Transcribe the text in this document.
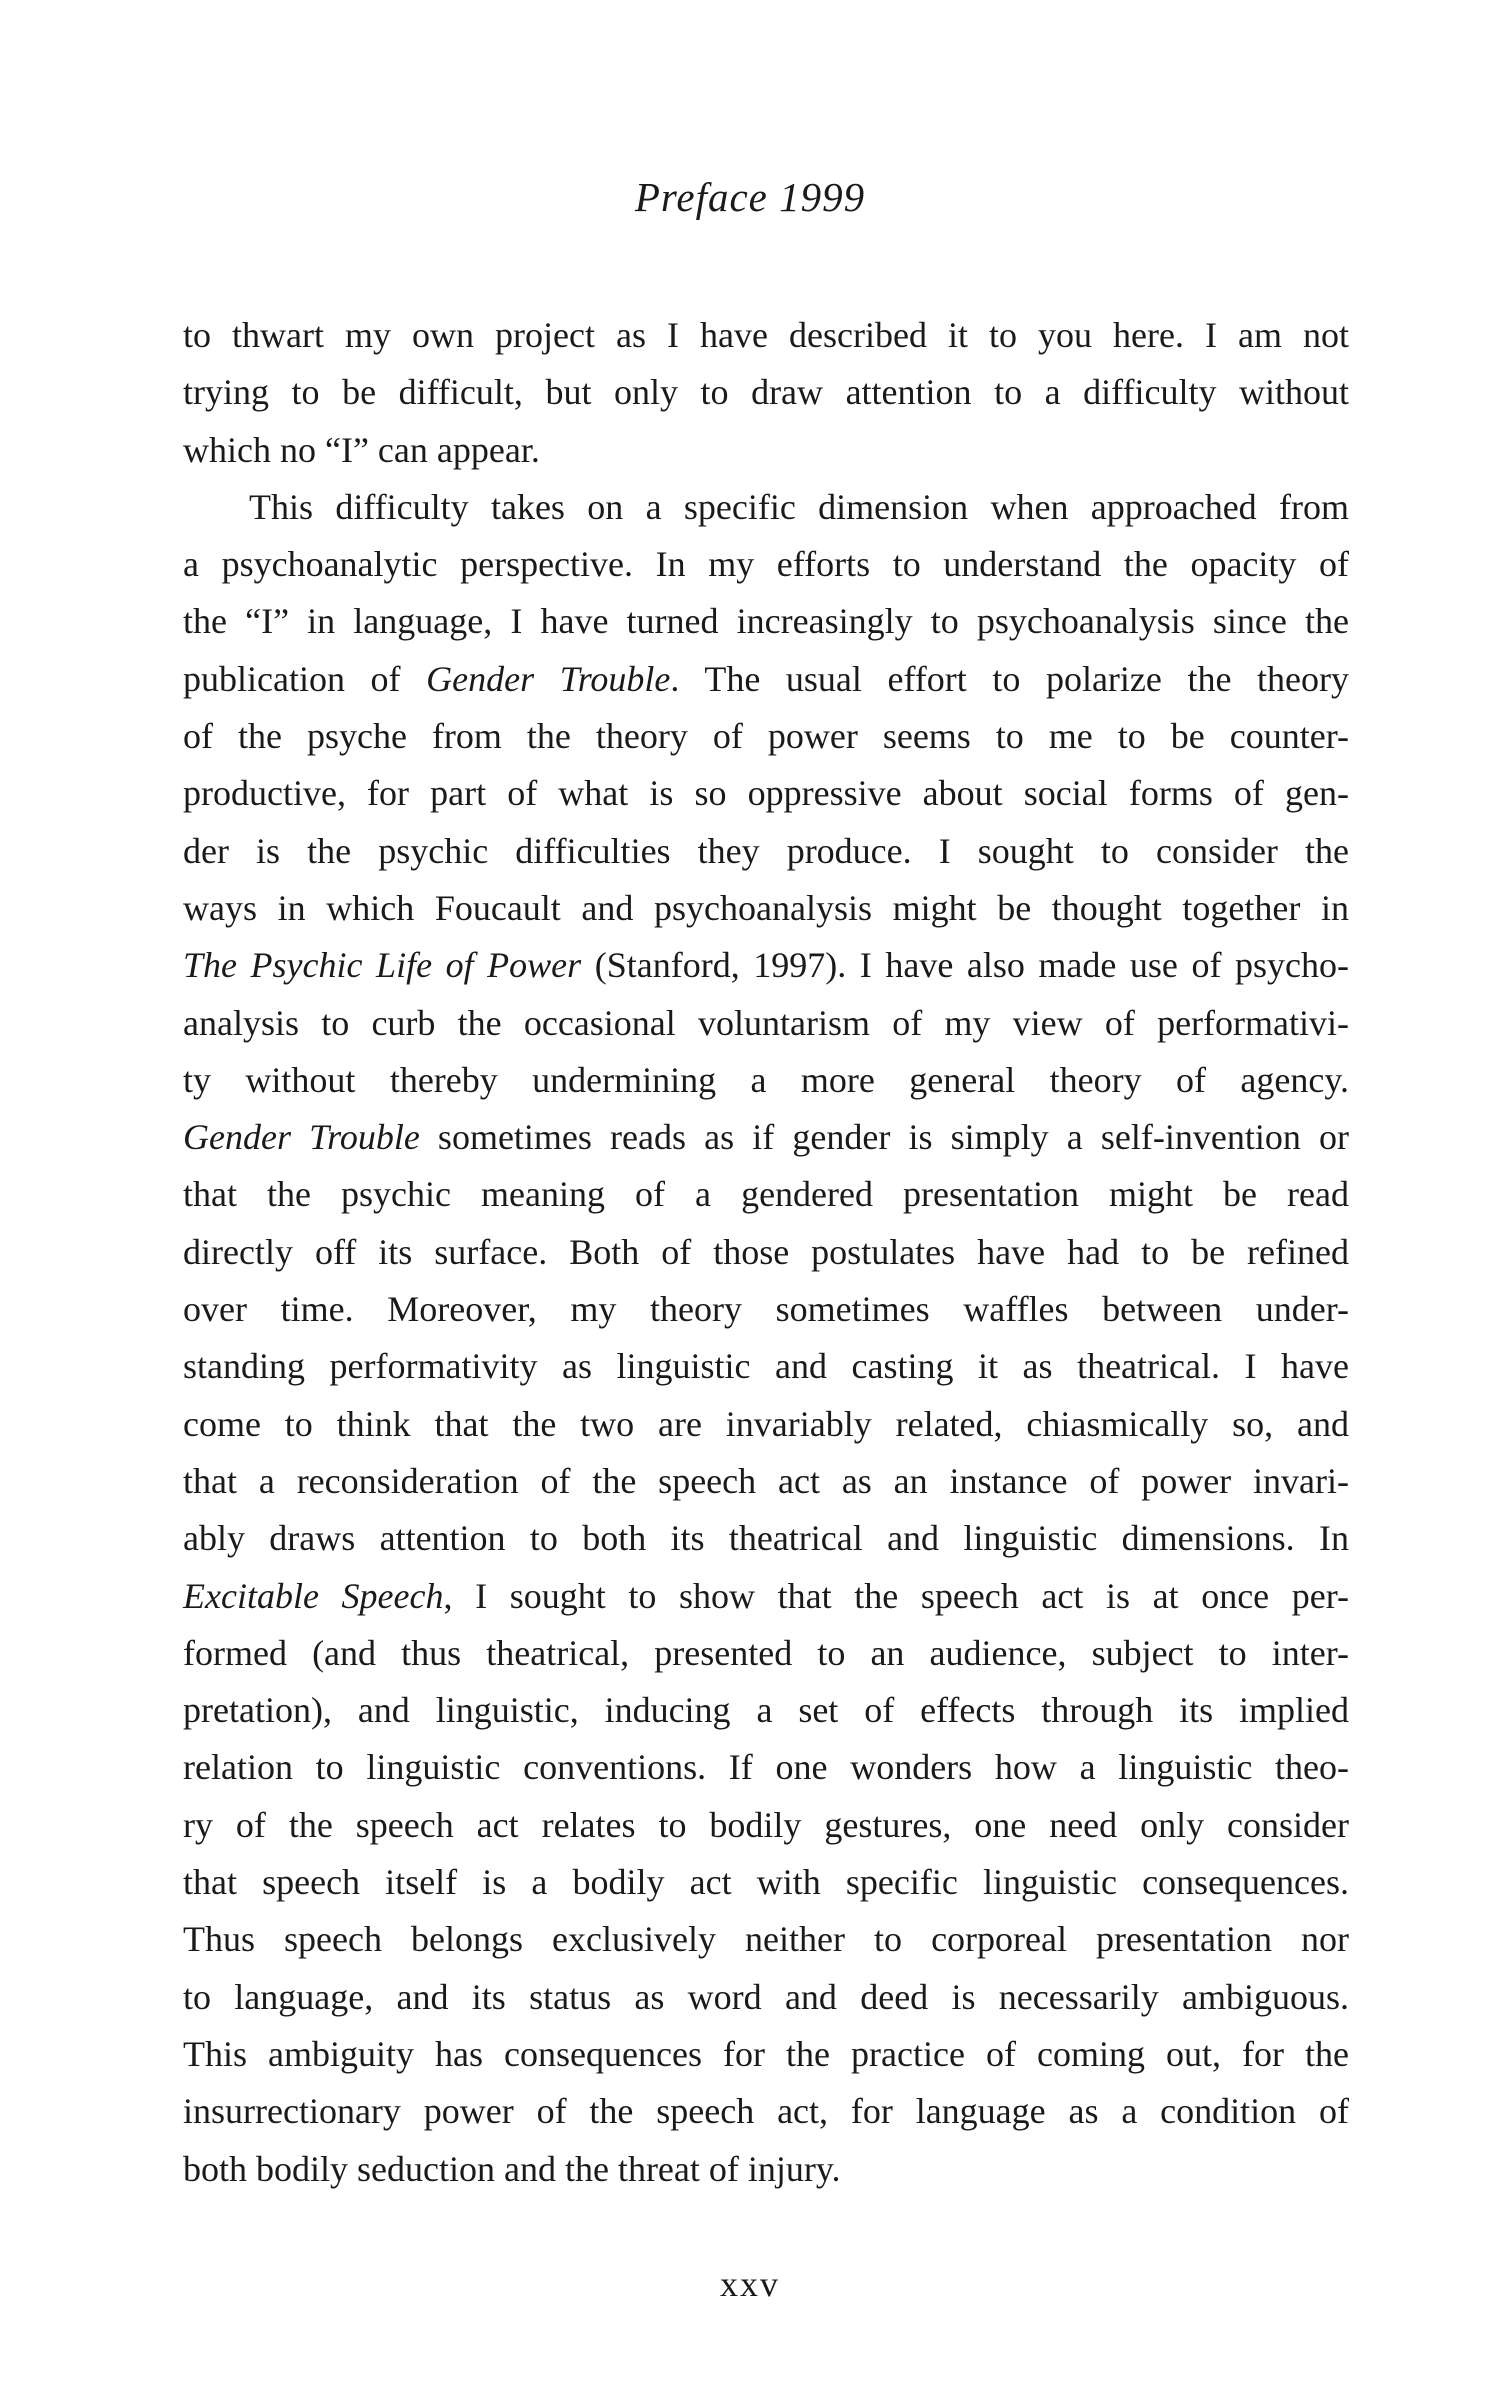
Preface 1999
to thwart my own project as I have described it to you here. I am not
trying to be difficult, but only to draw attention to a difficulty without
which no “I” can appear.
This difficulty takes on a specific dimension when approached from
a psychoanalytic perspective. In my efforts to understand the opacity of
the “I” in language, I have turned increasingly to psychoanalysis since the
publication of Gender Trouble. The usual effort to polarize the theory
of the psyche from the theory of power seems to me to be counter-
productive, for part of what is so oppressive about social forms of gen-
der is the psychic difficulties they produce. I sought to consider the
ways in which Foucault and psychoanalysis might be thought together in
The Psychic Life of Power (Stanford, 1997). I have also made use of psycho-
analysis to curb the occasional voluntarism of my view of performativi-
ty without thereby undermining a more general theory of agency.
Gender Trouble sometimes reads as if gender is simply a self-invention or
that the psychic meaning of a gendered presentation might be read
directly off its surface. Both of those postulates have had to be refined
over time. Moreover, my theory sometimes waffles between under-
standing performativity as linguistic and casting it as theatrical. I have
come to think that the two are invariably related, chiasmically so, and
that a reconsideration of the speech act as an instance of power invari-
ably draws attention to both its theatrical and linguistic dimensions. In
Excitable Speech, I sought to show that the speech act is at once per-
formed (and thus theatrical, presented to an audience, subject to inter-
pretation), and linguistic, inducing a set of effects through its implied
relation to linguistic conventions. If one wonders how a linguistic theo-
ry of the speech act relates to bodily gestures, one need only consider
that speech itself is a bodily act with specific linguistic consequences.
Thus speech belongs exclusively neither to corporeal presentation nor
to language, and its status as word and deed is necessarily ambiguous.
This ambiguity has consequences for the practice of coming out, for the
insurrectionary power of the speech act, for language as a condition of
both bodily seduction and the threat of injury.
xxv
